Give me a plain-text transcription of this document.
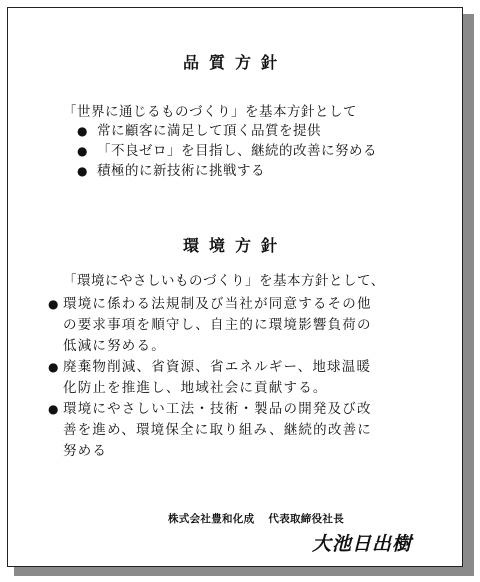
品質方針
「世界に通じるものづくり」を基本方針として
● 常に顧客に満足して頂く品質を提供
● 「不良ゼロ」を目指し、継続的改善に努める
● 積極的に新技術に挑戦する
環境方針
「環境にやさしいものづくり」を基本方針として、
● 環境に係わる法規制及び当社が同意するその他の要求事項を順守し、自主的に環境影響負荷の低減に努める。
● 廃棄物削減、省資源、省エネルギー、地球温暖化防止を推進し、地域社会に貢献する。
● 環境にやさしい工法・技術・製品の開発及び改善を進め、環境保全に取り組み、継続的改善に努める
株式会社豊和化成 代表取締役社長
大池日出樹
